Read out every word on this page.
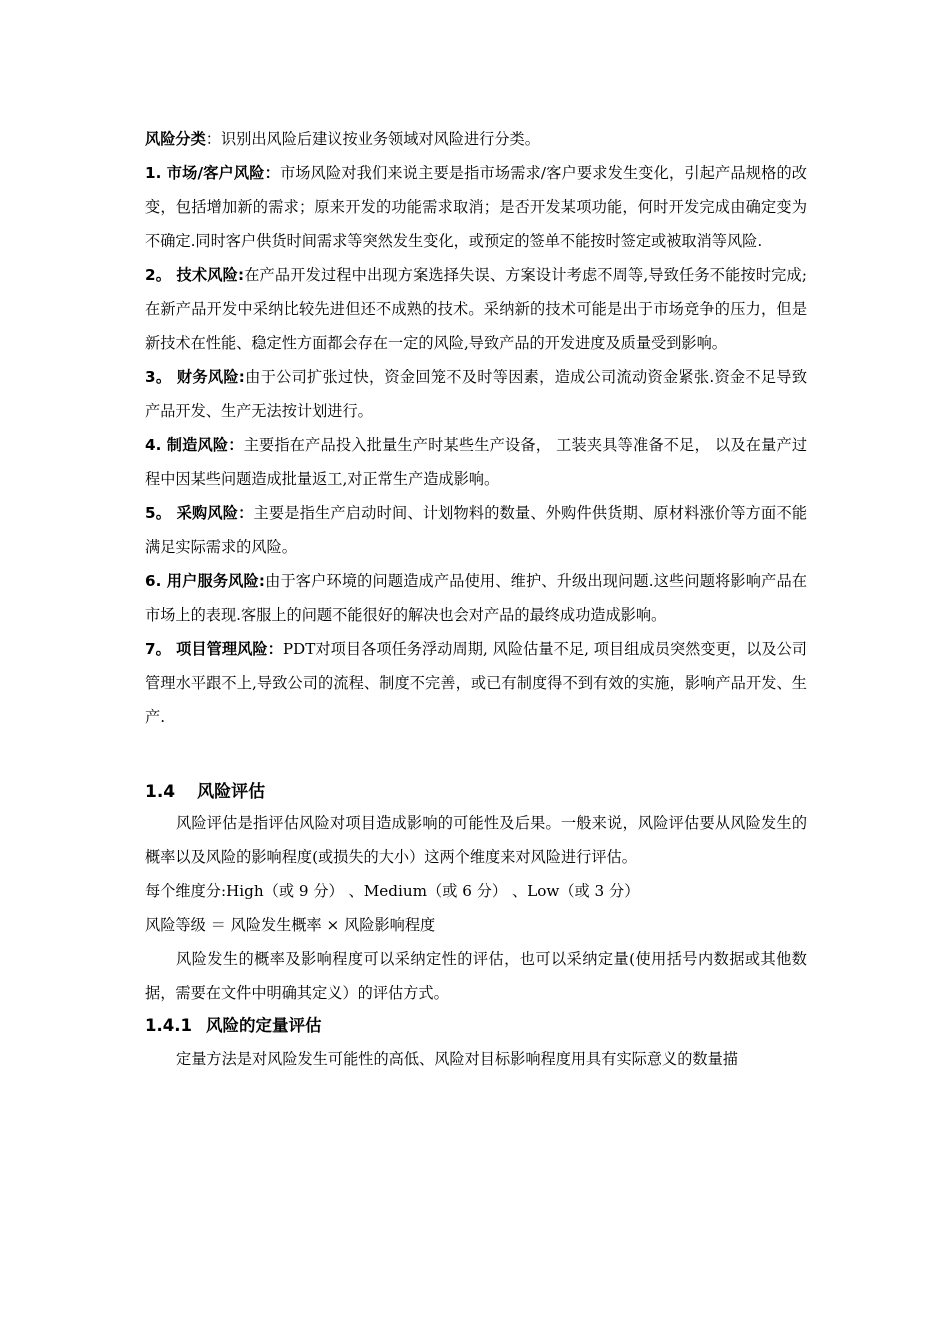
风险分类：识别出风险后建议按业务领域对风险进行分类。

1. 市场/客户风险：市场风险对我们来说主要是指市场需求/客户要求发生变化，引起产品规格的改变，包括增加新的需求；原来开发的功能需求取消；是否开发某项功能，何时开发完成由确定变为不确定.同时客户供货时间需求等突然发生变化，或预定的签单不能按时签定或被取消等风险.

2。 技术风险:在产品开发过程中出现方案选择失误、方案设计考虑不周等,导致任务不能按时完成;在新产品开发中采纳比较先进但还不成熟的技术。采纳新的技术可能是出于市场竞争的压力，但是新技术在性能、稳定性方面都会存在一定的风险,导致产品的开发进度及质量受到影响。

3。 财务风险:由于公司扩张过快，资金回笼不及时等因素，造成公司流动资金紧张.资金不足导致产品开发、生产无法按计划进行。

4. 制造风险：主要指在产品投入批量生产时某些生产设备， 工装夹具等准备不足， 以及在量产过程中因某些问题造成批量返工,对正常生产造成影响。

5。 采购风险：主要是指生产启动时间、计划物料的数量、外购件供货期、原材料涨价等方面不能满足实际需求的风险。

6. 用户服务风险:由于客户环境的问题造成产品使用、维护、升级出现问题.这些问题将影响产品在市场上的表现.客服上的问题不能很好的解决也会对产品的最终成功造成影响。

7。 项目管理风险：PDT对项目各项任务浮动周期, 风险估量不足, 项目组成员突然变更，以及公司管理水平跟不上,导致公司的流程、制度不完善，或已有制度得不到有效的实施，影响产品开发、生产.

1.4 风险评估

风险评估是指评估风险对项目造成影响的可能性及后果。一般来说，风险评估要从风险发生的概率以及风险的影响程度(或损失的大小）这两个维度来对风险进行评估。

每个维度分:High（或 9 分） 、Medium（或 6 分） 、Low（或 3 分）

风险等级 ＝ 风险发生概率 × 风险影响程度

风险发生的概率及影响程度可以采纳定性的评估，也可以采纳定量(使用括号内数据或其他数据，需要在文件中明确其定义）的评估方式。

1.4.1 风险的定量评估

定量方法是对风险发生可能性的高低、风险对目标影响程度用具有实际意义的数量描
